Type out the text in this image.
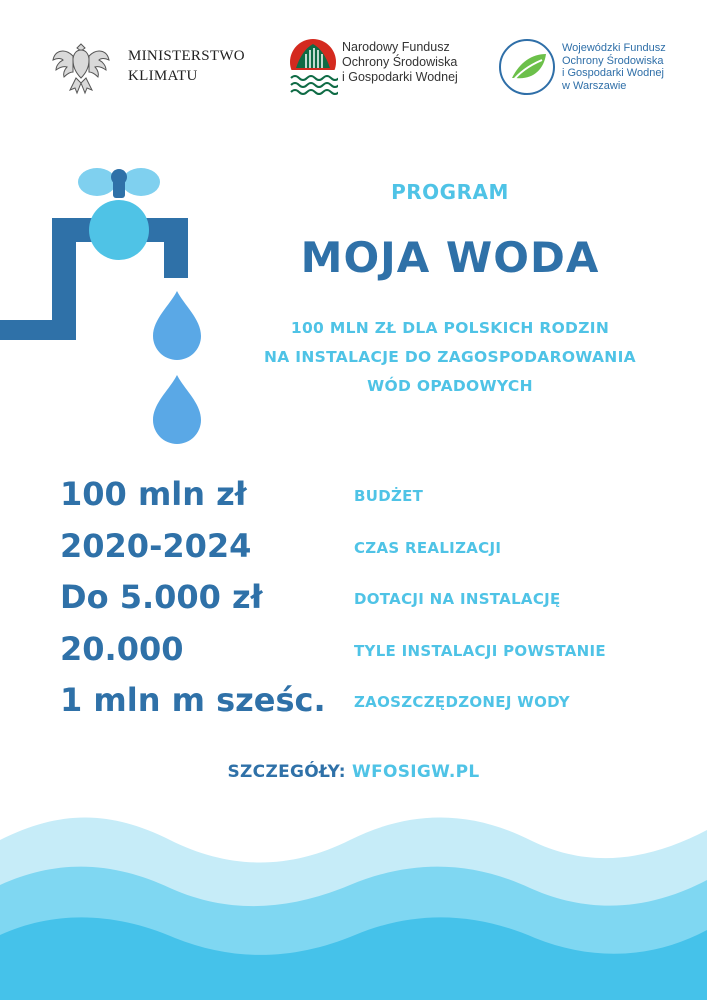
MINISTERSTWO
KLIMATU
Narodowy Fundusz
Ochrony Środowiska
i Gospodarki Wodnej
Wojewódzki Fundusz
Ochrony Środowiska
i Gospodarki Wodnej
w Warszawie
PROGRAM
MOJA WODA
100 MLN ZŁ DLA POLSKICH RODZIN
NA INSTALACJE DO ZAGOSPODAROWANIA
WÓD OPADOWYCH
100 mln zł	BUDŻET
2020-2024	CZAS REALIZACJI
Do 5.000 zł	DOTACJI NA INSTALACJĘ
20.000	TYLE INSTALACJI POWSTANIE
1 mln m sześc. ZAOSZCZĘDZONEJ WODY
SZCZEGÓŁY: WFOSIGW.PL
